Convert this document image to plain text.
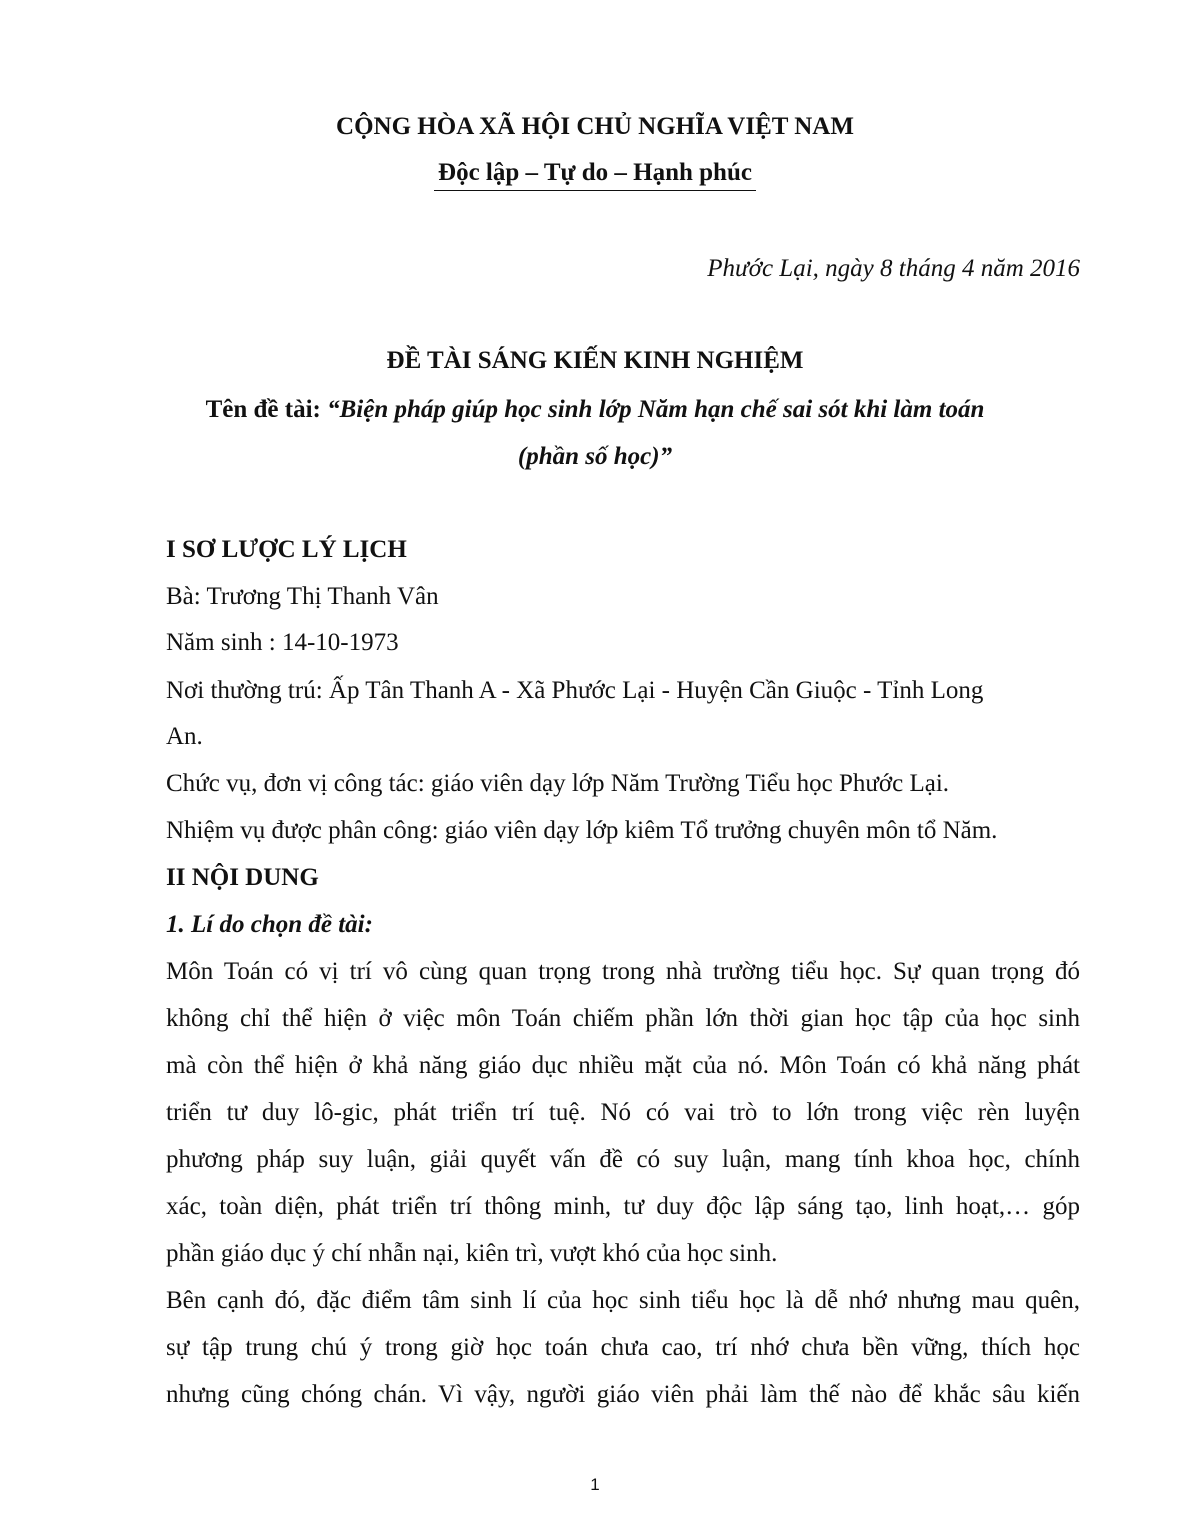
CỘNG HÒA XÃ HỘI CHỦ NGHĨA VIỆT NAM

Độc lập – Tự do – Hạnh phúc

Phước Lại, ngày 8 tháng 4 năm 2016

ĐỀ TÀI SÁNG KIẾN KINH NGHIỆM

Tên đề tài: “Biện pháp giúp học sinh lớp Năm hạn chế sai sót khi làm toán

(phần số học)”

I SƠ LƯỢC LÝ LỊCH

Bà: Trương Thị Thanh Vân

Năm sinh : 14-10-1973

Nơi thường trú: Ấp Tân Thanh A - Xã Phước Lại - Huyện Cần Giuộc - Tỉnh Long

An.

Chức vụ, đơn vị công tác: giáo viên dạy lớp Năm Trường Tiểu học Phước Lại.

Nhiệm vụ được phân công: giáo viên dạy lớp kiêm Tổ trưởng chuyên môn tổ Năm.

II NỘI DUNG

1. Lí do chọn đề tài:

Môn Toán có vị trí vô cùng quan trọng trong nhà trường tiểu học. Sự quan trọng đó

không chỉ thể hiện ở việc môn Toán chiếm phần lớn thời gian học tập của học sinh

mà còn thể hiện ở khả năng giáo dục nhiều mặt của nó. Môn Toán có khả năng phát

triển tư duy lô-gic, phát triển trí tuệ. Nó có vai trò to lớn trong việc rèn luyện

phương pháp suy luận, giải quyết vấn đề có suy luận, mang tính khoa học, chính

xác, toàn diện, phát triển trí thông minh, tư duy độc lập sáng tạo, linh hoạt,… góp

phần giáo dục ý chí nhẫn nại, kiên trì, vượt khó của học sinh.

Bên cạnh đó, đặc điểm tâm sinh lí của học sinh tiểu học là dễ nhớ nhưng mau quên,

sự tập trung chú ý trong giờ học toán chưa cao, trí nhớ chưa bền vững, thích học

nhưng cũng chóng chán. Vì vậy, người giáo viên phải làm thế nào để khắc sâu kiến

1
